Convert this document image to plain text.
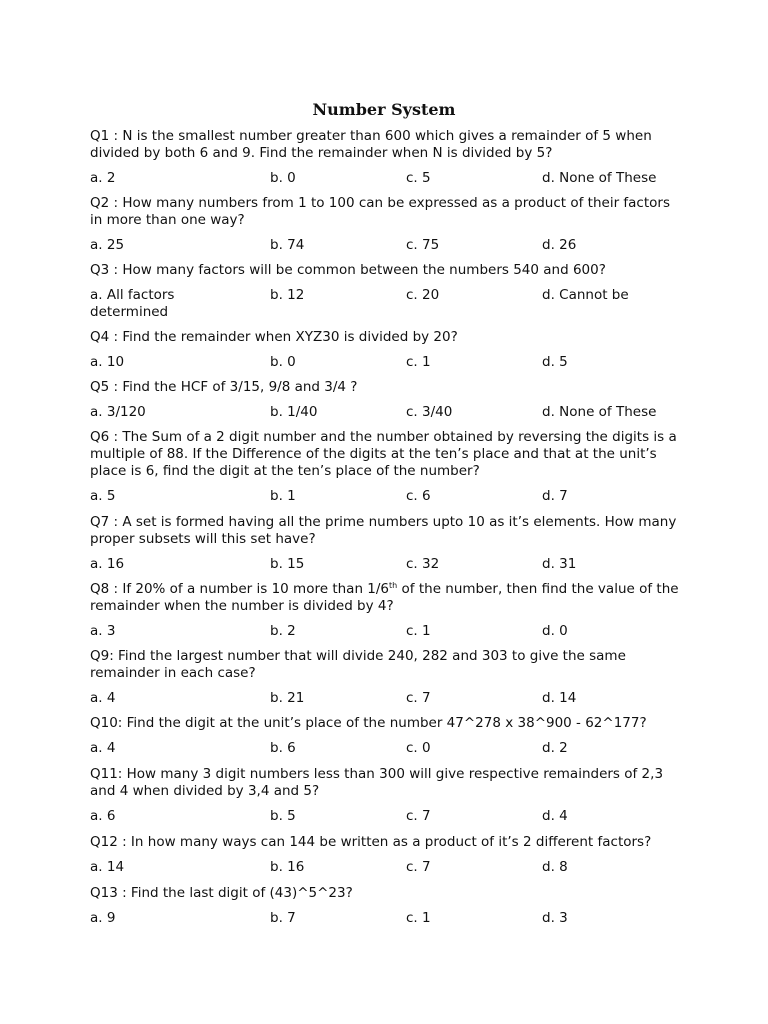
Number System
Q1 : N is the smallest number greater than 600 which gives a remainder of 5 when divided by both 6 and 9. Find the remainder when N is divided by 5?
a. 2	b. 0	c. 5	d. None of These
Q2 : How many numbers from 1 to 100 can be expressed as a product of their factors in more than one way?
a. 25	b. 74	c. 75	d. 26
Q3 : How many factors will be common between the numbers 540 and 600?
a. All factors	b. 12	c. 20	d. Cannot be
determined
Q4 : Find the remainder when XYZ30 is divided by 20?
a. 10	b. 0	c. 1	d. 5
Q5 : Find the HCF of 3/15, 9/8 and 3/4 ?
a. 3/120	b. 1/40	c. 3/40	d. None of These
Q6 : The Sum of a 2 digit number and the number obtained by reversing the digits is a multiple of 88. If the Difference of the digits at the ten’s place and that at the unit’s place is 6, find the digit at the ten’s place of the number?
a. 5	b. 1	c. 6	d. 7
Q7 : A set is formed having all the prime numbers upto 10 as it’s elements. How many proper subsets will this set have?
a. 16	b. 15	c. 32	d. 31
Q8 : If 20% of a number is 10 more than 1/6th of the number, then find the value of the remainder when the number is divided by 4?
a. 3	b. 2	c. 1	d. 0
Q9: Find the largest number that will divide 240, 282 and 303 to give the same remainder in each case?
a. 4	b. 21	c. 7	d. 14
Q10: Find the digit at the unit’s place of the number 47^278 x 38^900 - 62^177?
a. 4	b. 6	c. 0	d. 2
Q11: How many 3 digit numbers less than 300 will give respective remainders of 2,3 and 4 when divided by 3,4 and 5?
a. 6	b. 5	c. 7	d. 4
Q12 : In how many ways can 144 be written as a product of it’s 2 different factors?
a. 14	b. 16	c. 7	d. 8
Q13 : Find the last digit of (43)^5^23?
a. 9	b. 7	c. 1	d. 3
